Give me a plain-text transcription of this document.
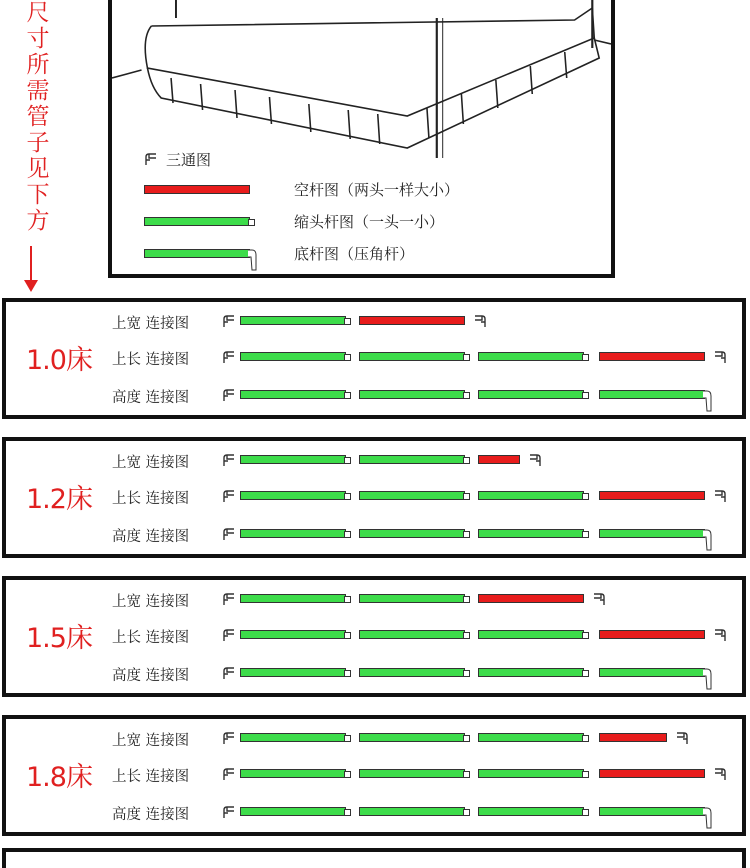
尺
寸
所
需
管
子
见
下
方
三通图
空杆图（两头一样大小）
缩头杆图（一头一小）
底杆图（压角杆）
1.0床
上宽 连接图
上长 连接图
高度 连接图
1.2床
上宽 连接图
上长 连接图
高度 连接图
1.5床
上宽 连接图
上长 连接图
高度 连接图
1.8床
上宽 连接图
上长 连接图
高度 连接图
